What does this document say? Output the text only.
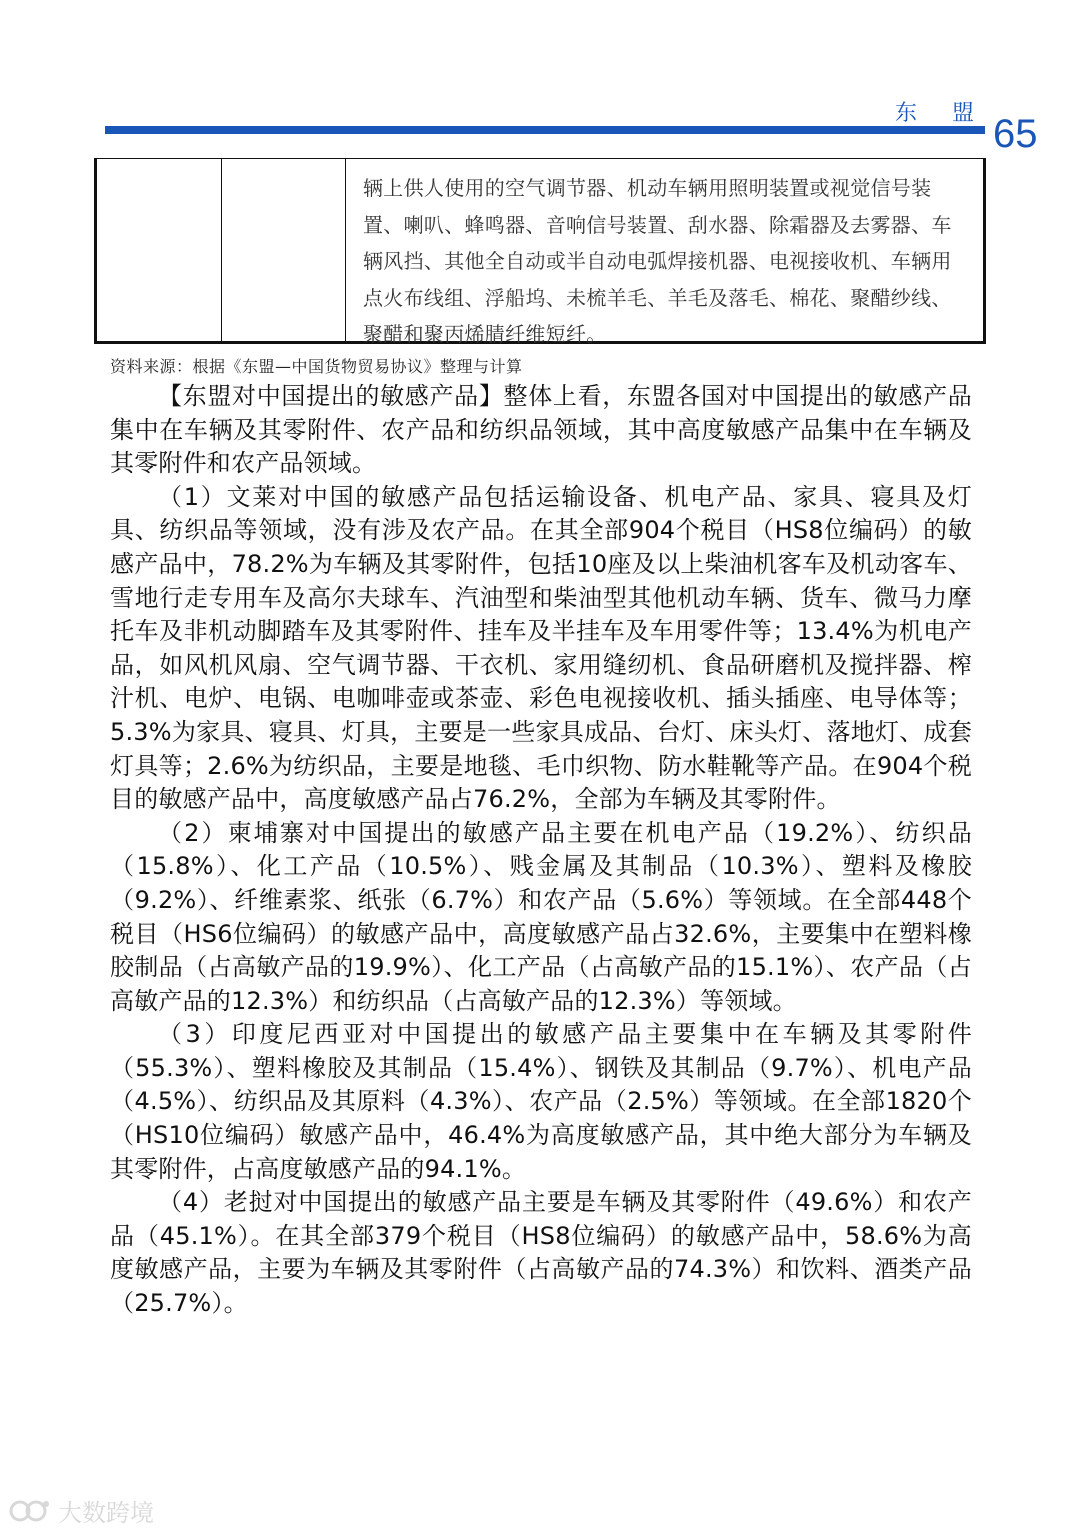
东 盟 65
辆上供人使用的空气调节器、机动车辆用照明装置或视觉信号装置、喇叭、蜂鸣器、音响信号装置、刮水器、除霜器及去雾器、车辆风挡、其他全自动或半自动电弧焊接机器、电视接收机、车辆用点火布线组、浮船坞、未梳羊毛、羊毛及落毛、棉花、聚醋纱线、聚醋和聚丙烯腈纤维短纤。
资料来源：根据《东盟—中国货物贸易协议》整理与计算

【东盟对中国提出的敏感产品】整体上看，东盟各国对中国提出的敏感产品集中在车辆及其零附件、农产品和纺织品领域，其中高度敏感产品集中在车辆及其零附件和农产品领域。

（1）文莱对中国的敏感产品包括运输设备、机电产品、家具、寝具及灯具、纺织品等领域，没有涉及农产品。在其全部904个税目（HS8位编码）的敏感产品中，78.2%为车辆及其零附件，包括10座及以上柴油机客车及机动客车、雪地行走专用车及高尔夫球车、汽油型和柴油型其他机动车辆、货车、微马力摩托车及非机动脚踏车及其零附件、挂车及半挂车及车用零件等；13.4%为机电产品，如风机风扇、空气调节器、干衣机、家用缝纫机、食品研磨机及搅拌器、榨汁机、电炉、电锅、电咖啡壶或茶壶、彩色电视接收机、插头插座、电导体等；5.3%为家具、寝具、灯具，主要是一些家具成品、台灯、床头灯、落地灯、成套灯具等；2.6%为纺织品，主要是地毯、毛巾织物、防水鞋靴等产品。在904个税目的敏感产品中，高度敏感产品占76.2%，全部为车辆及其零附件。

（2）柬埔寨对中国提出的敏感产品主要在机电产品（19.2%）、纺织品（15.8%）、化工产品（10.5%）、贱金属及其制品（10.3%）、塑料及橡胶（9.2%）、纤维素浆、纸张（6.7%）和农产品（5.6%）等领域。在全部448个税目（HS6位编码）的敏感产品中，高度敏感产品占32.6%，主要集中在塑料橡胶制品（占高敏产品的19.9%）、化工产品（占高敏产品的15.1%）、农产品（占高敏产品的12.3%）和纺织品（占高敏产品的12.3%）等领域。

（3）印度尼西亚对中国提出的敏感产品主要集中在车辆及其零附件（55.3%）、塑料橡胶及其制品（15.4%）、钢铁及其制品（9.7%）、机电产品（4.5%）、纺织品及其原料（4.3%）、农产品（2.5%）等领域。在全部1820个（HS10位编码）敏感产品中，46.4%为高度敏感产品，其中绝大部分为车辆及其零附件，占高度敏感产品的94.1%。

（4）老挝对中国提出的敏感产品主要是车辆及其零附件（49.6%）和农产品（45.1%）。在其全部379个税目（HS8位编码）的敏感产品中，58.6%为高度敏感产品，主要为车辆及其零附件（占高敏产品的74.3%）和饮料、酒类产品（25.7%）。

大数跨境
